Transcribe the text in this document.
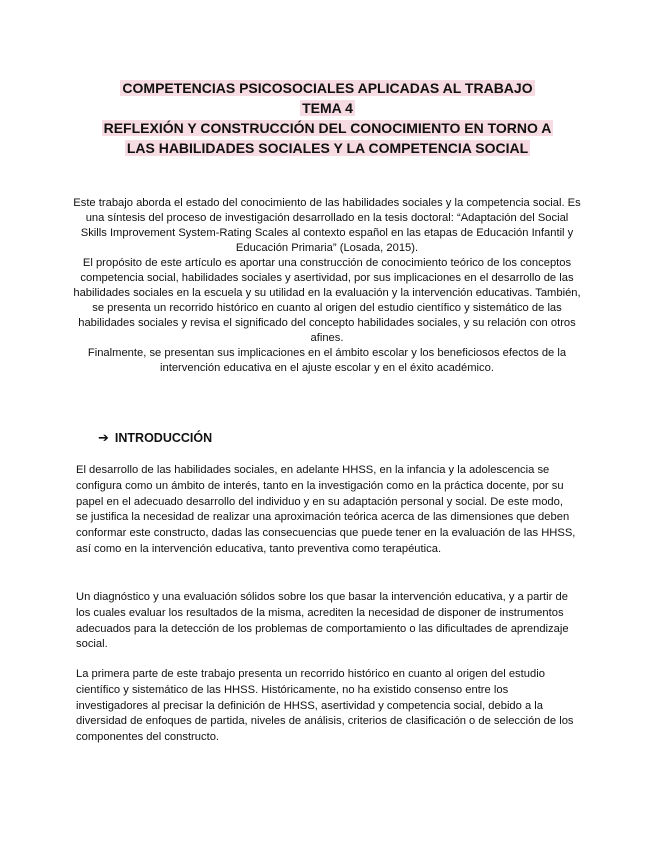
COMPETENCIAS PSICOSOCIALES APLICADAS AL TRABAJO
TEMA 4
REFLEXIÓN Y CONSTRUCCIÓN DEL CONOCIMIENTO EN TORNO A
LAS HABILIDADES SOCIALES Y LA COMPETENCIA SOCIAL

Este trabajo aborda el estado del conocimiento de las habilidades sociales y la competencia social. Es una síntesis del proceso de investigación desarrollado en la tesis doctoral: “Adaptación del Social Skills Improvement System-Rating Scales al contexto español en las etapas de Educación Infantil y Educación Primaria” (Losada, 2015).

El propósito de este artículo es aportar una construcción de conocimiento teórico de los conceptos competencia social, habilidades sociales y asertividad, por sus implicaciones en el desarrollo de las habilidades sociales en la escuela y su utilidad en la evaluación y la intervención educativas. También, se presenta un recorrido histórico en cuanto al origen del estudio científico y sistemático de las habilidades sociales y revisa el significado del concepto habilidades sociales, y su relación con otros afines.

Finalmente, se presentan sus implicaciones en el ámbito escolar y los beneficiosos efectos de la intervención educativa en el ajuste escolar y en el éxito académico.

➔ INTRODUCCIÓN

El desarrollo de las habilidades sociales, en adelante HHSS, en la infancia y la adolescencia se configura como un ámbito de interés, tanto en la investigación como en la práctica docente, por su papel en el adecuado desarrollo del individuo y en su adaptación personal y social. De este modo, se justifica la necesidad de realizar una aproximación teórica acerca de las dimensiones que deben conformar este constructo, dadas las consecuencias que puede tener en la evaluación de las HHSS, así como en la intervención educativa, tanto preventiva como terapéutica.

Un diagnóstico y una evaluación sólidos sobre los que basar la intervención educativa, y a partir de los cuales evaluar los resultados de la misma, acrediten la necesidad de disponer de instrumentos adecuados para la detección de los problemas de comportamiento o las dificultades de aprendizaje social.

La primera parte de este trabajo presenta un recorrido histórico en cuanto al origen del estudio científico y sistemático de las HHSS. Históricamente, no ha existido consenso entre los investigadores al precisar la definición de HHSS, asertividad y competencia social, debido a la diversidad de enfoques de partida, niveles de análisis, criterios de clasificación o de selección de los componentes del constructo.
